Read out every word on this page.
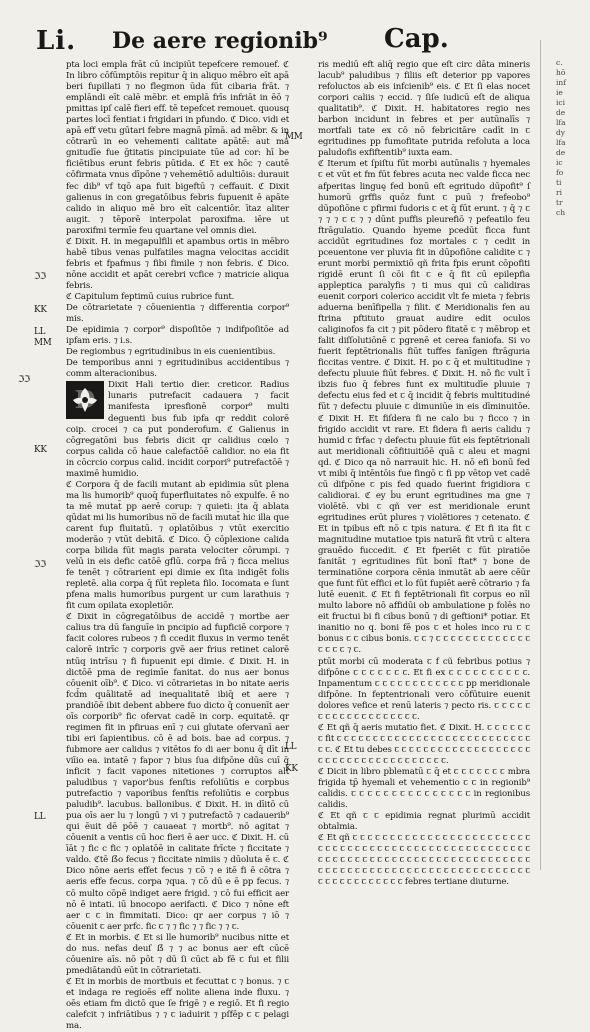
Li. De aere regionib⁹ Cap.
ℑℑ
KK
LL
MM
ℑℑ
KK
ℑℑ
LL
MM
LL
KK

pta loci empla frāt cū incipiūt tepefcere remouef. ℭ In libro cōfūmptōis repitur q̄ in aliquo mēbro eīt apā beri fupillati ⁊ no flegmon ūda fūt cibaria frāt. ⁊ emplāndi eīt calē mēbr. et emplā frīs infriāt in ēō ⁊ pmittas ipſ calē fieri eff. tē tepefcet remouet. quousq partes locī fentiat i frigidari in pfundo. ℭ Dico. vidi et apā eff vetu gūtari febre magnā pīmā. ad mēbr. & in cōtrarū in eo vehementi calitate apātē: aut ma gnitudīe fue ḡtitatis pincipuiate tūe ad cor: hī be ficiētibus erunt febris pūtida. ℭ Et ex hōc ⁊ cautē cōfirmata vnus dīpōne ⁊ vehemētiō adultiōis: durauit fec dib⁹ vf tqō apa fuit bigeftū ⁊ ceffauit. ℭ Dixit galienus in con gregatōibus febris fupuenit ē apāte calido in aliquo mē bro eīt calcentiōr. ītaz aliter augit. ⁊ tēporē interpolat paroxifma. iēre ut paroxifmi termīe feu quartane vel omnis diei.

ℭ Dixit. H. in megapulfili et apambus ortis in mēbro habē tibus venas pulfatiles magna velocitas accidit febris et fpafmus ⁊ fibi fimile ⁊ non febris. ℭ Dico. nōne accidit et apāt cerebri vcfice ⁊ matricie aliqua febris.

ℭ Capitulum feptimū cuius rubrice funt.

De cōtrarietate ⁊ cōuenientia ⁊ differentia corpor⁹ mis.

De epidimia ⁊ corpor⁹ dispoſitōe ⁊ indifpoſitōe ad ipfam eris. ⁊ i.s.

De regiombus ⁊ egritudinibus in eis cuenientibus.

De temporibus anni ⁊ egritudinibus accidentibus ⁊ comm alteracionibus.

D	Dixit Hali tertio dier. creticor. Radius lunaris putrefacit cadauera ⁊ facit manifesta ipresfionē corpor⁹ multi deguenti bus fub ipfa qr reddit colorē coip. crocei ⁊ ca put ponderofum. ℭ Galienus in cōgregatōni bus febris dicit qr calidius cœlo ⁊ corpus calida cō haue calefactōē calidior. no eia fit in cōcrcio corpus calid. incidit corpori⁹ putrefactōē ⁊ maximē humidio.

ℭ Corpora q̄ de facili mutant ab epidimia sūt plena ma lis humorib⁹ quoq̄ fuperfluitates nō expulfe. ē no ta mē mutat̄ pp aerē corup: ⁊ quieti: ita q̄ ablata qūdat mi lis humoribus no̅ de facili mutat̄ hic illa que carent fup fluitatū. ⁊ oplatōibus ⁊ vtūt exercitio moderāo ⁊ vtūt debitā. ℭ Dico. Q̄ cōplexione calida corpa bilida fūt magis parata velociter cōrumpi. ⁊ velū in eis defic catōē gflū. corpa frā ⁊ ficca melius fe tenēt ⁊ cōtrarient epi dimie ex ſita indigēt folis repletē. alia corpa q̄ fūt repleta filo. Iocomata e ſunt pfena malis humoribus purgent ur cum larathuis ⁊ fit cum opilata exopletiōr.

ℭ Dixit in cōgregatōibus de accidē ⁊ mortbe aer calius tra dū fanguīe in pncipio ad fupficiē corpore ⁊ facit colores rubeos ⁊ fi ccedit fluxus in vermo tenēt calorē intrīc ⁊ corporis gvē aer frius retinet calorē ntūq intrīsu ⁊ fi fupuenit epi dimie. ℭ Dixit. H. in dictōē pma de regimīe fanitat. do nus aer bonus cōuenit oīb⁹. ℭ Dico. vi cōtrarietas in bo nitate aeris fcd̄m quālitatē ad inequalitatē ibiq̄ et aere ⁊ prandiōē ibit debent abbere fuo dicto q̄ conuenīt aer oīs corporib⁹ fic ofervat cadē in corp. equitatē. qr regimen fit in pfiruas enī ⁊ cui glutate ofervanī aer tibi eri ſapientibus. cō ē ad bois. bae ad corpus. ⁊ fubmore aer calidus ⁊ vitētos fo di aer bonu q̄ dīt in viīio ea. intatē ⁊ fapor ⁊ bius ſua difpōne dūs cuī q̄ inficit ⁊ facit vapones nitetiones ⁊ corruptos alt paludibus ⁊ vapor'bus fenſtis refoliūtis e corpbus putrefactio ⁊ vaporibus fenſtis refoliūtis e corpbus paludib⁹. lacubus. ballonibus. ℭ Dixit. H. in dīitō cū pua oīs aer lu ⁊ longū ⁊ vi ⁊ putrefactō ⁊ cadauerib⁹ qui ēuit dē pōē ⁊ cauaeat ⁊ mortb⁹. nō agitat ⁊ cōuenit a ventis cū hoc fieri ē aer ucc. ℭ Dixit. H. cū īāt ⁊ fic c fic ⁊ oplatōē in calitate frīcte ⁊ ficcitate ⁊ valdo. ℭtē ẞo fecus ⁊ ficcitate nimiis ⁊ dūoluta ē ꞇ. ℭ Dico nōne aeris effet fecus ⁊ ꞇō ⁊ e itē fi ē cōtra ⁊ aeris effe fecus. corpa ⁊qua. ⁊ ꞇō dū e ē pp fecus. ⁊ ꞇō multo cōpē indiget aere frigid. ⁊ ꞇō fui efficit aer nō ē intati. iū bnocopo aerifacti. ℭ Dico ⁊ nōne eft aer ꞇ ꞇ in fimmitati. Dico: qr aer corpus ⁊ iō ⁊ cōuenit ꞇ aer prfc. fic ꞇ ⁊ ⁊ fic ⁊ ⁊ fic ⁊ ⁊ ꞇ.

ℭ Et in morbis. ℭ Et si lle humorib⁹ nucibus nitte et do nus. nefas deuſ ẞ ⁊ ⁊ ac bonus aer eft cūcē cōuenire aīs. nō pōt ⁊ dū ſi cūct ab fē ꞇ fui et filii pmediātandū eūt in cōtrarietati.

ℭ Et in morbis de mortbuis et fecuttat ꞇ ⁊ bonus. ⁊ ꞇ et indaga re regioēs eff nolite aliena inde fluxu. ⁊ oēs etiam fm dictō que ſe frigē ⁊ e regiō. Et fi regio calefcit ⁊ infriātibus ⁊ ⁊ ꞇ iaduirit ⁊ pſfēp ꞇ ꞇ pelagi ma.

ris mediū eft aliq̄ regio que eſt circ dāta mineris lacub⁹ paludibus ⁊ filiis eſt deterior pp vapores refoluctos ab eis infcienib⁹ eis. ℭ Et ſi elas nocet corpori caliis ⁊ eccid. ⁊ ſiſe iudicū eſt de aliqua qualitatib⁹. ℭ Dixit. H. habitatores regio nes barbon incidunt in febres et per autūnalīs ⁊ mortfali tate ex ꞇō nō febricitāre cadīt in ꞇ egritudines pp fumofitate putrida refoluta a loca paludofis exfiftentib⁹ iuxta eam.

ℭ Iterum et ſpiſtu fūt morbi autūnalis ⁊ hyemales ꞇ et vūt et fm fūt febres acuta nec valde ficca nec afperitas linguę fed bonū eſt egritudo dūpofit⁹ ſ humorū grffis quōz funt ꞇ puū ⁊ frefeobo⁹ dūpofiōne ꞇ pfirmi fudoris ꞇ et q̄ fūt erunt. ⁊ q̄ ⁊ ꞇ ⁊ ⁊ ⁊ ꞇ ꞇ ⁊ ⁊ dūnt puffis pleurefiō ⁊ pefeatilo feu ftrāgulatio. Quando hyeme pcedūt ficca funt accidūt egritudines foz mortales ꞇ ⁊ cedit in pceuentone ver pluvia fit in dūpofiōne calidite ꞇ ⁊ erunt morbi permixtiō qñ frita fpis erunt cōpofiti rigidē erunt ſi cōi fit ꞇ e q̄ fit cū epilepfia appleptica paralyfis ⁊ ti mus qui cū calidiras euenit corpori colerico accidit vlt fe mieta ⁊ febris aduerna benīfipella ⁊ filit. ℭ Meridionalis fen au ftrina pftituto grauat audire edit oculos caliginofos fa cit ⁊ pit pōdero fitatē ꞇ ⁊ mēbrop et falit diſſolutiōnē ꞇ pgrenē et cerea faniofa. Si vo fuerit feptētrionalis fiūt tuffes fanīgen ftrāguria ficcitas ventre. ℭ Dixit. H. po ꞇ q̄ et multitudine ⁊ defectu pluuie fiūt febres. ℭ Dixit. H. nō fic vult ī ibzis fuo q̄ febres funt ex multitudīe pluuie ⁊ defectu eius fed et ꞇ q̄ incidit q̄ febris multitudiné fūt ⁊ defectu pluuie ꞇ dimuniūe in eis dīminuitōe. ℭ Dixit H. Et fiſdera fi ne calo bu ⁊ ficco ⁊ in frigido accidit vt rare. Et fidera fi aeris calidu ⁊ humid ꞇ frfac ⁊ defectu pluuie fūt eis feptētrionali aut meridionali cōfitiuitiōē quā ꞇ aleu et magni qd. ℭ Dico qa nō narrauit hic. H. nō efi bonū fed vt mibi q̄ intēntōis fue fingō ꞇ fi pp vētop vet cadē cū difpōne ꞇ pis fed quado fuerint frigidiora ꞇ calidiorai. ℭ ey ḃu erunt egritudines ma gne ⁊ violētē. vbi ꞇ qñ ver est meridionale erunt egritudines erūt plures ⁊ violētiores ⁊ cetenato. ℭ Et in tpibus eft nō ꞇ tpis natura. ℭ Et fi ita fit ꞇ magnitudine mutatioe tpis naturā fit vtrū ꞇ altera grauēdo fuccedit. ℭ Et fperiēt ꞇ fūt piratiōe fanitāt ⁊ egritudines fūt bonī ftat* ⁊ bone de terminatiōne corpora cēnia inmutāt ab aere cēūr que funt fūt effici et lo fūt fupiēt aerē cōtrario ⁊ fa lutē euenit. ℭ Et fi feptētrionali fit corpus eo nīl multo labore nō affidūi ob ambulatione p folēs no eit fructui bi fi cibus bonū ⁊ di geftioni* potiar. Et inanitio no q. boni fē pos ꞇ et holes inco ru ꞇ ꞇ bonus ꞇ ꞇ cibus bonis. ꞇ ꞇ ⁊ ꞇ ꞇ ꞇ ꞇ ꞇ ꞇ ꞇ ꞇ ꞇ ꞇ ꞇ ꞇ ꞇ ꞇ ꞇ ꞇ ꞇ ⁊ ꞇ.

ptūt morbi cū moderata ꞇ f cũ febribus potius ⁊ difpōne ꞇ ꞇ ꞇ ꞇ ꞇ ꞇ ꞇ. Et fi ex ꞇ ꞇ ꞇ ꞇ ꞇ ꞇ ꞇ ꞇ ꞇ ꞇ. Inpamentum ꞇ ꞇ ꞇ ꞇ ꞇ ꞇ ꞇ ꞇ ꞇ ꞇ ꞇ ꞇ pp meridionale difpōne. In feptentrionali vero cōfūtuire euenit dolores vefice et renū lateris ⁊ pecto ris. ꞇ ꞇ ꞇ ꞇ ꞇ ꞇ ꞇ ꞇ ꞇ ꞇ ꞇ ꞇ ꞇ ꞇ ꞇ ꞇ ꞇ ꞇ ꞇ.

ℭ Et qñ q̄ aeris mutatio fiet. ℭ Dixit. H. ꞇ ꞇ ꞇ ꞇ ꞇ ꞇ ꞇ fit ꞇ ꞇ ꞇ ꞇ ꞇ ꞇ ꞇ ꞇ ꞇ ꞇ ꞇ ꞇ ꞇ ꞇ ꞇ ꞇ ꞇ ꞇ ꞇ ꞇ ꞇ ꞇ ꞇ ꞇ ꞇ ꞇ ꞇ ꞇ ꞇ. ℭ Et tu debes ꞇ ꞇ ꞇ ꞇ ꞇ ꞇ ꞇ ꞇ ꞇ ꞇ ꞇ ꞇ ꞇ ꞇ ꞇ ꞇ ꞇ ꞇ ꞇ ꞇ ꞇ ꞇ ꞇ ꞇ ꞇ ꞇ ꞇ ꞇ ꞇ ꞇ ꞇ ꞇ ꞇ ꞇ ꞇ ꞇ ꞇ.

ℭ Dicit in libro pblematū ꞇ q̄ et ꞇ ꞇ ꞇ ꞇ ꞇ ꞇ ꞇ mbra frigida tp̄ hyemali et vehementio ꞇ ꞇ in regionib⁹ calidis. ꞇ ꞇ ꞇ ꞇ ꞇ ꞇ ꞇ ꞇ ꞇ ꞇ ꞇ ꞇ ꞇ ꞇ ꞇ in regionibus calidis.

ℭ Et qñ ꞇ ꞇ epidimia regnat plurimū accidit obtalmia.

ℭ Et qñ ꞇ ꞇ ꞇ ꞇ ꞇ ꞇ ꞇ ꞇ ꞇ ꞇ ꞇ ꞇ ꞇ ꞇ ꞇ ꞇ ꞇ ꞇ ꞇ ꞇ ꞇ ꞇ ꞇ ꞇ ꞇ ꞇ ꞇ ꞇ ꞇ ꞇ ꞇ ꞇ ꞇ ꞇ ꞇ ꞇ ꞇ ꞇ ꞇ ꞇ ꞇ ꞇ ꞇ ꞇ ꞇ ꞇ ꞇ ꞇ ꞇ ꞇ ꞇ ꞇ ꞇ ꞇ ꞇ ꞇ ꞇ ꞇ ꞇ ꞇ ꞇ ꞇ ꞇ ꞇ ꞇ ꞇ ꞇ ꞇ ꞇ ꞇ ꞇ ꞇ ꞇ ꞇ ꞇ ꞇ ꞇ ꞇ ꞇ ꞇ ꞇ ꞇ ꞇ ꞇ ꞇ ꞇ ꞇ ꞇ ꞇ ꞇ ꞇ ꞇ ꞇ ꞇ ꞇ ꞇ ꞇ ꞇ ꞇ ꞇ ꞇ ꞇ ꞇ ꞇ ꞇ ꞇ ꞇ ꞇ ꞇ ꞇ ꞇ ꞇ ꞇ ꞇ ꞇ ꞇ ꞇ ꞇ ꞇ ꞇ ꞇ ꞇ ꞇ febres tertiane diuturne.

c.

hō

inf

ie

ici

de

lfa

dy

lfa

de

ic

fo

ti

ri

tr

ch
